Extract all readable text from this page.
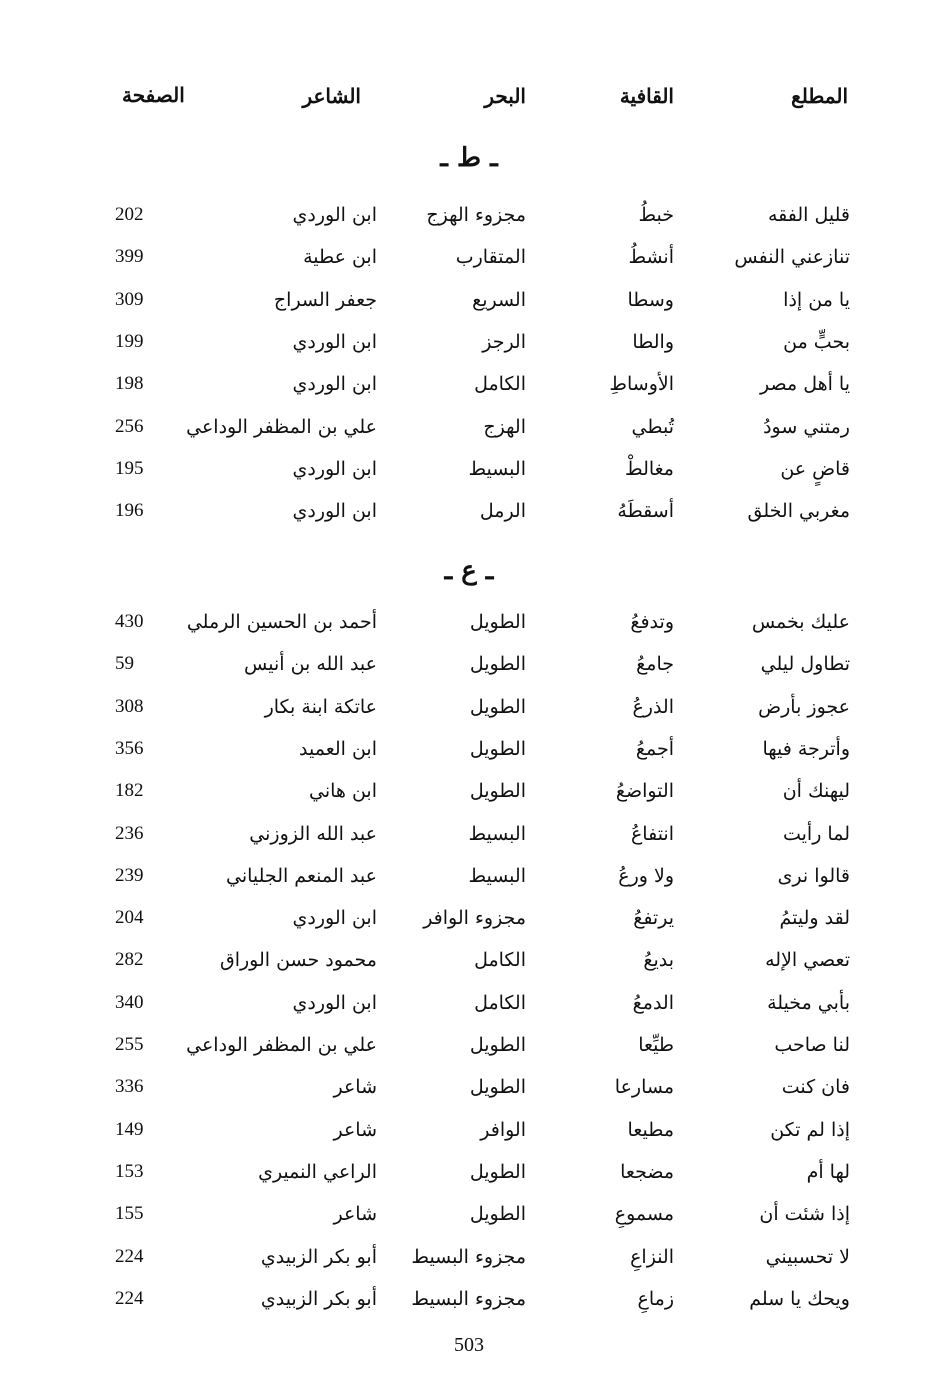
المطلع
القافية
البحر
الشاعر
الصفحة
ـ ط ـ
قليل الفقه
خبطُ
مجزوء الهزج
ابن الوردي
202
تنازعني النفس
أنشطُ
المتقارب
ابن عطية
399
يا من إذا
وسطا
السريع
جعفر السراج
309
بحبٍّ من
والطا
الرجز
ابن الوردي
199
يا أهل مصر
الأوساطِ
الكامل
ابن الوردي
198
رمتني سودُ
تُبطي
الهزج
علي بن المظفر الوداعي
256
قاضٍ عن
مغالطْ
البسيط
ابن الوردي
195
مغربي الخلق
أسقطَهُ
الرمل
ابن الوردي
196
ـ ع ـ
عليك بخمس
وتدفعُ
الطويل
أحمد بن الحسين الرملي
430
تطاول ليلي
جامعُ
الطويل
عبد الله بن أنيس
59
عجوز بأرض
الذرعُ
الطويل
عاتكة ابنة بكار
308
وأترجة فيها
أجمعُ
الطويل
ابن العميد
356
ليهنك أن
التواضعُ
الطويل
ابن هاني
182
لما رأيت
انتفاعُ
البسيط
عبد الله الزوزني
236
قالوا نرى
ولا ورعُ
البسيط
عبد المنعم الجلياني
239
لقد وليتمُ
يرتفعُ
مجزوء الوافر
ابن الوردي
204
تعصي الإله
بديعُ
الكامل
محمود حسن الوراق
282
بأبي مخيلة
الدمعُ
الكامل
ابن الوردي
340
لنا صاحب
طيِّعا
الطويل
علي بن المظفر الوداعي
255
فان كنت
مسارعا
الطويل
شاعر
336
إذا لم تكن
مطيعا
الوافر
شاعر
149
لها أم
مضجعا
الطويل
الراعي النميري
153
إذا شئت أن
مسموعِ
الطويل
شاعر
155
لا تحسبيني
النزاعِ
مجزوء البسيط
أبو بكر الزبيدي
224
ويحك يا سلم
زماعِ
مجزوء البسيط
أبو بكر الزبيدي
224
503
